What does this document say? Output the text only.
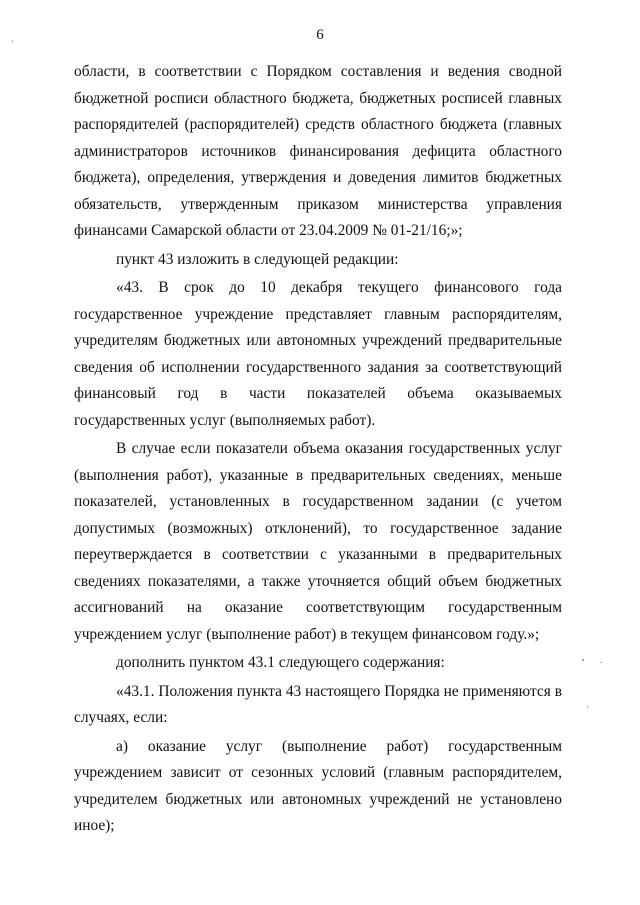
6

области, в соответствии с Порядком составления и ведения сводной бюджетной росписи областного бюджета, бюджетных росписей главных распорядителей (распорядителей) средств областного бюджета (главных администраторов источников финансирования дефицита областного бюджета), определения, утверждения и доведения лимитов бюджетных обязательств, утвержденным приказом министерства управления финансами Самарской области от 23.04.2009 № 01-21/16;»;

пункт 43 изложить в следующей редакции:

«43. В срок до 10 декабря текущего финансового года государственное учреждение представляет главным распорядителям, учредителям бюджетных или автономных учреждений предварительные сведения об исполнении государственного задания за соответствующий финансовый год в части показателей объема оказываемых государственных услуг (выполняемых работ).

В случае если показатели объема оказания государственных услуг (выполнения работ), указанные в предварительных сведениях, меньше показателей, установленных в государственном задании (с учетом допустимых (возможных) отклонений), то государственное задание переутверждается в соответствии с указанными в предварительных сведениях показателями, а также уточняется общий объем бюджетных ассигнований на оказание соответствующим государственным учреждением услуг (выполнение работ) в текущем финансовом году.»;

дополнить пунктом 43.1 следующего содержания:

«43.1. Положения пункта 43 настоящего Порядка не применяются в случаях, если:

а) оказание услуг (выполнение работ) государственным учреждением зависит от сезонных условий (главным распорядителем, учредителем бюджетных или автономных учреждений не установлено иное);
